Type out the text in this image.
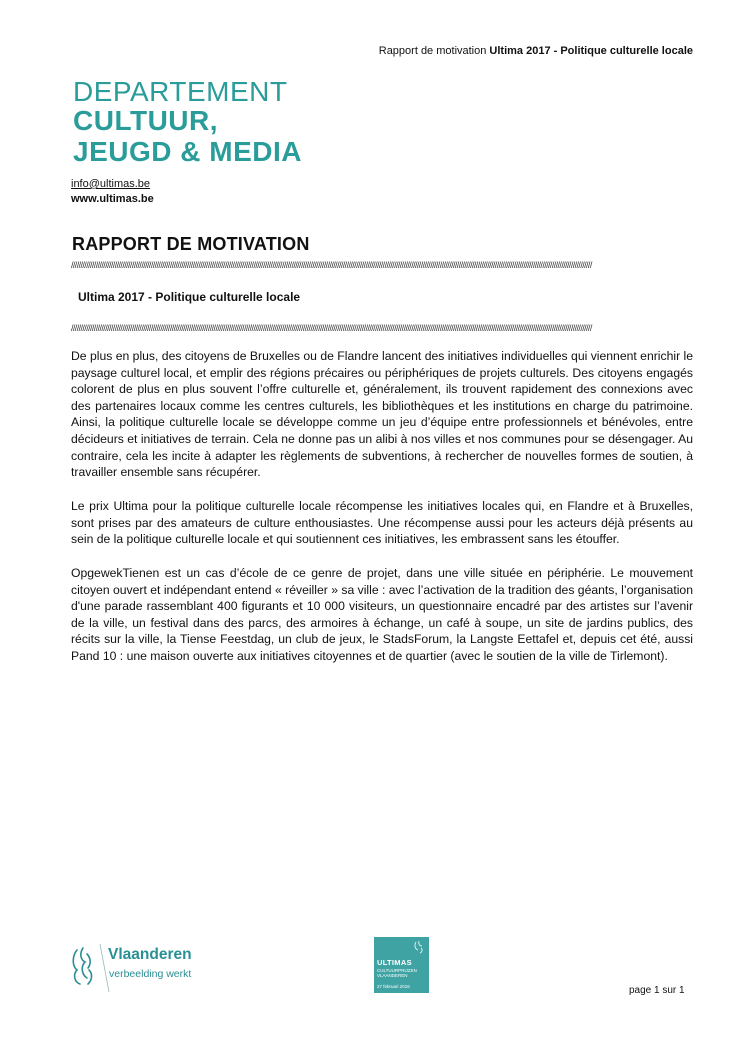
Rapport de motivation Ultima 2017 - Politique culturelle locale
DEPARTEMENT
CULTUUR,
JEUGD & MEDIA
info@ultimas.be
www.ultimas.be
RAPPORT DE MOTIVATION
//////////////////////////////////////////////////////////////////////////////////////////////////////////////////////////////////////////////////////////////////////////////////////////////////////////////////////////////////////////////////////////////////////////////////
Ultima 2017 - Politique culturelle locale
//////////////////////////////////////////////////////////////////////////////////////////////////////////////////////////////////////////////////////////////////////////////////////////////////////////////////////////////////////////////////////////////////////////////////

De plus en plus, des citoyens de Bruxelles ou de Flandre lancent des initiatives individuelles qui viennent enrichir le paysage culturel local, et emplir des régions précaires ou périphériques de projets culturels. Des citoyens engagés colorent de plus en plus souvent l’offre culturelle et, généralement, ils trouvent rapidement des connexions avec des partenaires locaux comme les centres culturels, les bibliothèques et les institutions en charge du patrimoine. Ainsi, la politique culturelle locale se développe comme un jeu d’équipe entre professionnels et bénévoles, entre décideurs et initiatives de terrain. Cela ne donne pas un alibi à nos villes et nos communes pour se désengager. Au contraire, cela les incite à adapter les règlements de subventions, à rechercher de nouvelles formes de soutien, à travailler ensemble sans récupérer.

Le prix Ultima pour la politique culturelle locale récompense les initiatives locales qui, en Flandre et à Bruxelles, sont prises par des amateurs de culture enthousiastes. Une récompense aussi pour les acteurs déjà présents au sein de la politique culturelle locale et qui soutiennent ces initiatives, les embrassent sans les étouffer.

OpgewekTienen est un cas d’école de ce genre de projet, dans une ville située en périphérie. Le mouvement citoyen ouvert et indépendant entend « réveiller » sa ville : avec l’activation de la tradition des géants, l’organisation d'une parade rassemblant 400 figurants et 10 000 visiteurs, un questionnaire encadré par des artistes sur l’avenir de la ville, un festival dans des parcs, des armoires à échange, un café à soupe, un site de jardins publics, des récits sur la ville, la Tiense Feestdag, un club de jeux, le StadsForum, la Langste Eettafel et, depuis cet été, aussi Pand 10 : une maison ouverte aux initiatives citoyennes et de quartier (avec le soutien de la ville de Tirlemont).

Vlaanderen
verbeelding werkt
ULTIMAS
CULTUURPRIJZEN
VLAANDEREN
27 februari 2016	page 1 sur 1
